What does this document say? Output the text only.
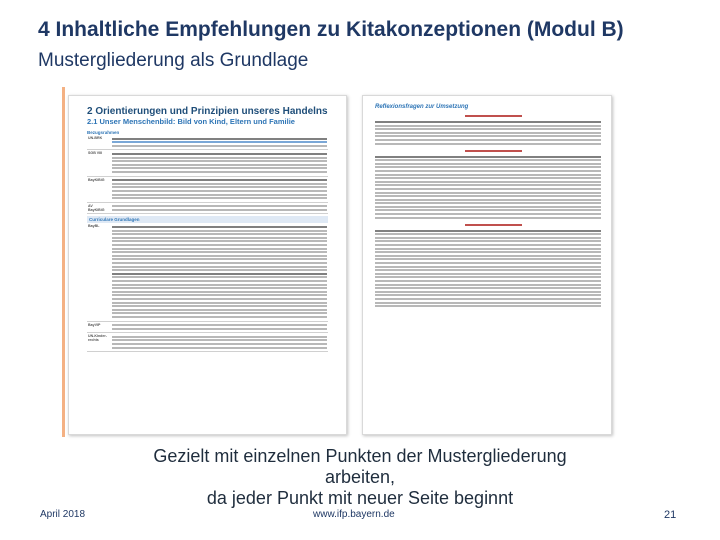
4 Inhaltliche Empfehlungen zu Kitakonzeptionen (Modul B)
Mustergliederung als Grundlage
2 Orientierungen und Prinzipien unseres Handelns
2.1 Unser Menschenbild: Bild von Kind, Eltern und Familie
Bezugsrahmen
UN-BRK
SGB VIII
BayKiBiG
AV BayKiBiG
Curriculare Grundlagen
BayBL
BayVIP
UN-Kinder-rechts
Reflexionsfragen zur Umsetzung
Gezielt mit einzelnen Punkten der Mustergliederung
arbeiten,
da jeder Punkt mit neuer Seite beginnt
April 2018	www.ifp.bayern.de	21
